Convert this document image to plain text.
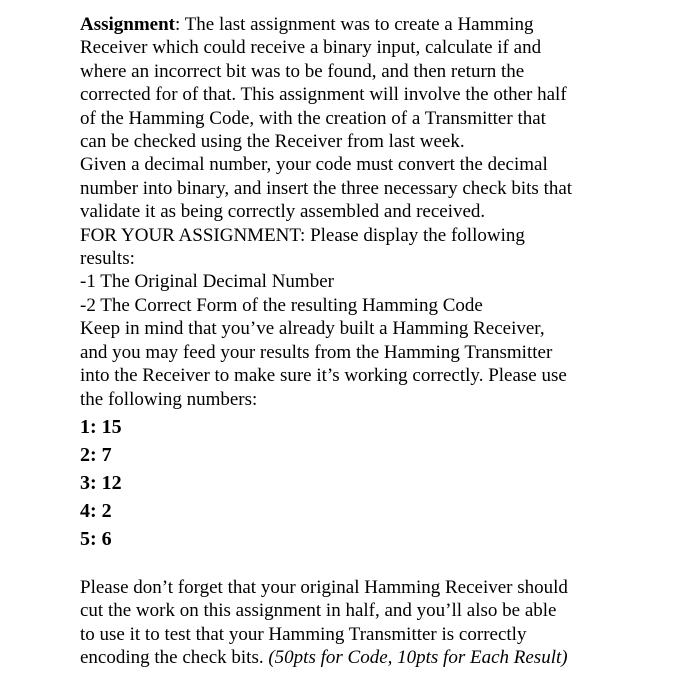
Assignment: The last assignment was to create a Hamming
Receiver which could receive a binary input, calculate if and
where an incorrect bit was to be found, and then return the
corrected for of that. This assignment will involve the other half
of the Hamming Code, with the creation of a Transmitter that
can be checked using the Receiver from last week.
Given a decimal number, your code must convert the decimal
number into binary, and insert the three necessary check bits that
validate it as being correctly assembled and received.
FOR YOUR ASSIGNMENT: Please display the following
results:
-1 The Original Decimal Number
-2 The Correct Form of the resulting Hamming Code
Keep in mind that you’ve already built a Hamming Receiver,
and you may feed your results from the Hamming Transmitter
into the Receiver to make sure it’s working correctly. Please use
the following numbers:
1: 15
2: 7
3: 12
4: 2
5: 6
Please don’t forget that your original Hamming Receiver should
cut the work on this assignment in half, and you’ll also be able
to use it to test that your Hamming Transmitter is correctly
encoding the check bits. (50pts for Code, 10pts for Each Result)
